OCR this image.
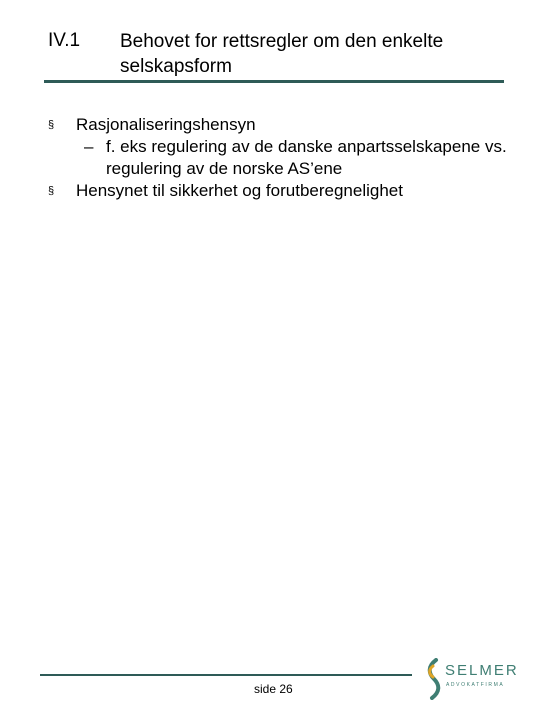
IV.1 Behovet for rettsregler om den enkelte selskapsform
§ Rasjonaliseringshensyn
– f. eks regulering av de danske anpartsselskapene vs. regulering av de norske AS’ene
§ Hensynet til sikkerhet og forutberegnelighet
side 26
SELMER
ADVOKATFIRMA
